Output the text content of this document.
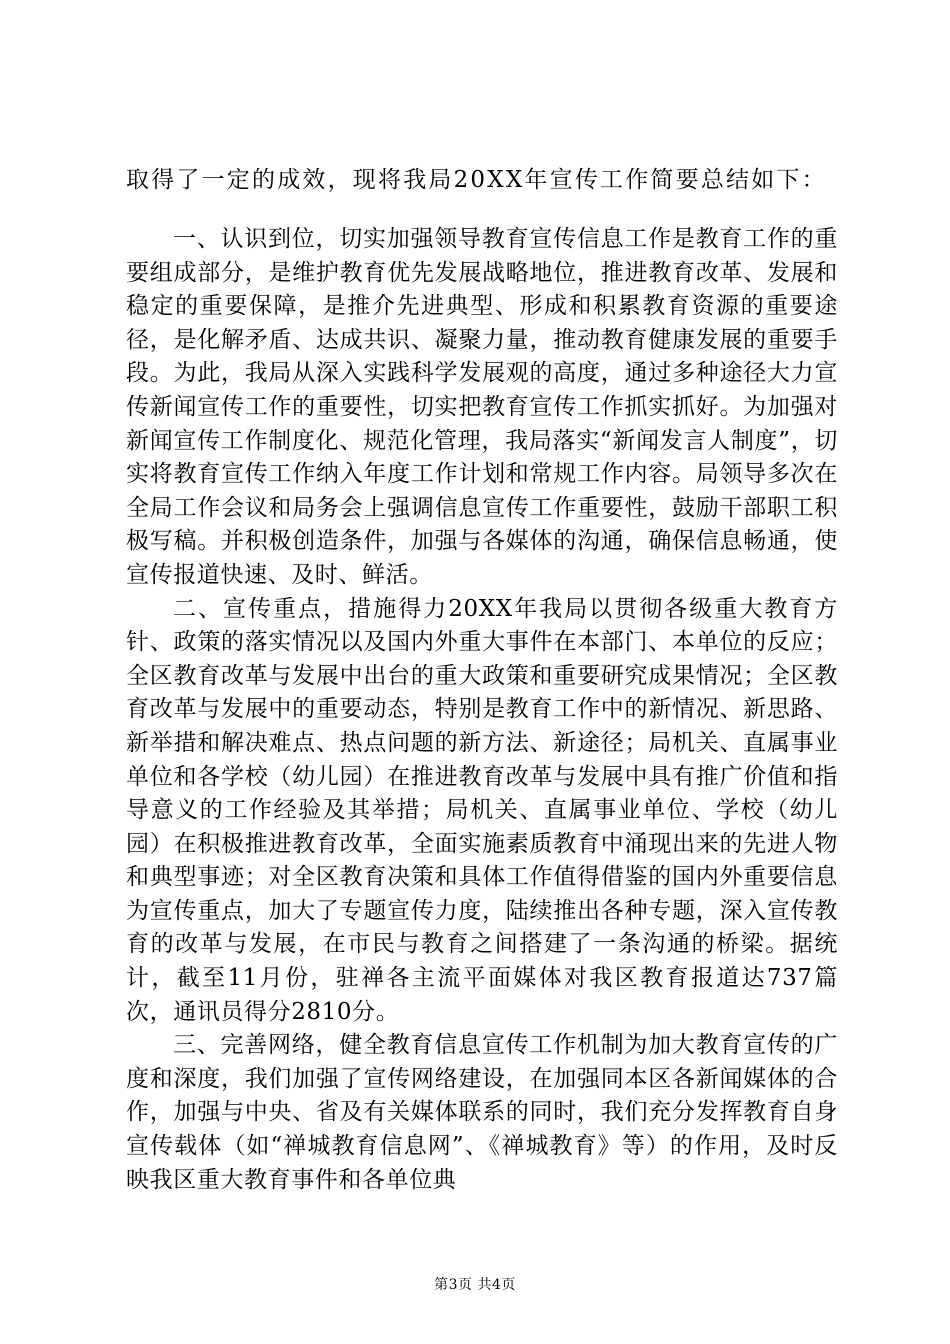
取得了一定的成效，现将我局20XX年宣传工作简要总结如下：

一、认识到位，切实加强领导教育宣传信息工作是教育工作的重要组成部分，是维护教育优先发展战略地位，推进教育改革、发展和稳定的重要保障，是推介先进典型、形成和积累教育资源的重要途径，是化解矛盾、达成共识、凝聚力量，推动教育健康发展的重要手段。为此，我局从深入实践科学发展观的高度，通过多种途径大力宣传新闻宣传工作的重要性，切实把教育宣传工作抓实抓好。为加强对新闻宣传工作制度化、规范化管理，我局落实“新闻发言人制度”，切实将教育宣传工作纳入年度工作计划和常规工作内容。局领导多次在全局工作会议和局务会上强调信息宣传工作重要性，鼓励干部职工积极写稿。并积极创造条件，加强与各媒体的沟通，确保信息畅通，使宣传报道快速、及时、鲜活。

二、宣传重点，措施得力20XX年我局以贯彻各级重大教育方针、政策的落实情况以及国内外重大事件在本部门、本单位的反应；全区教育改革与发展中出台的重大政策和重要研究成果情况；全区教育改革与发展中的重要动态，特别是教育工作中的新情况、新思路、新举措和解决难点、热点问题的新方法、新途径；局机关、直属事业单位和各学校（幼儿园）在推进教育改革与发展中具有推广价值和指导意义的工作经验及其举措；局机关、直属事业单位、学校（幼儿园）在积极推进教育改革，全面实施素质教育中涌现出来的先进人物和典型事迹；对全区教育决策和具体工作值得借鉴的国内外重要信息为宣传重点，加大了专题宣传力度，陆续推出各种专题，深入宣传教育的改革与发展，在市民与教育之间搭建了一条沟通的桥梁。据统计，截至11月份，驻禅各主流平面媒体对我区教育报道达737篇次，通讯员得分2810分。

三、完善网络，健全教育信息宣传工作机制为加大教育宣传的广度和深度，我们加强了宣传网络建设，在加强同本区各新闻媒体的合作，加强与中央、省及有关媒体联系的同时，我们充分发挥教育自身宣传载体（如“禅城教育信息网”、《禅城教育》等）的作用，及时反映我区重大教育事件和各单位典

第3页 共4页
